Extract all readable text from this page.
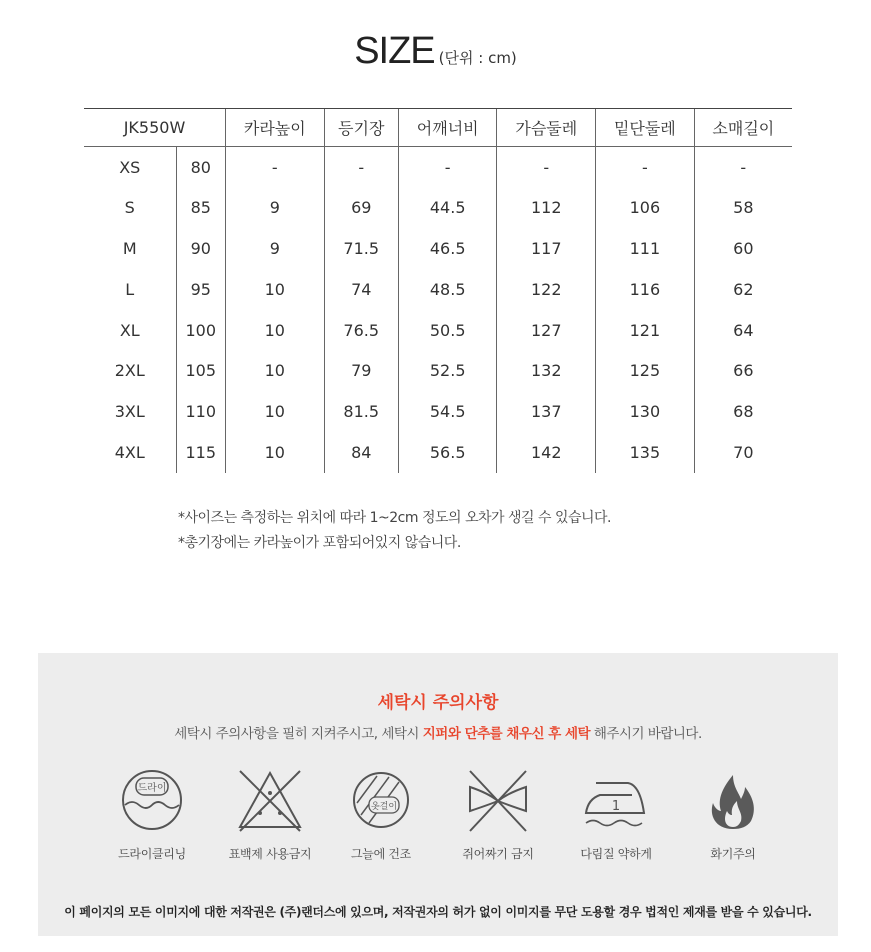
SIZE (단위 : cm)
JK550W		카라높이	등기장	어깨너비	가슴둘레	밑단둘레	소매길이
XS	80	-	-	-	-	-	-
S	85	9	69	44.5	112	106	58
M	90	9	71.5	46.5	117	111	60
L	95	10	74	48.5	122	116	62
XL	100	10	76.5	50.5	127	121	64
2XL	105	10	79	52.5	132	125	66
3XL	110	10	81.5	54.5	137	130	68
4XL	115	10	84	56.5	142	135	70
*사이즈는 측정하는 위치에 따라 1~2cm 정도의 오차가 생길 수 있습니다.
*총기장에는 카라높이가 포함되어있지 않습니다.
세탁시 주의사항
세탁시 주의사항을 필히 지켜주시고, 세탁시 지퍼와 단추를 채우신 후 세탁 해주시기 바랍니다.
드라이
드라이클리닝	표백제 사용금지
옷걸이
그늘에 건조	쥐어짜기 금지
1
다림질 약하게	화기주의
이 페이지의 모든 이미지에 대한 저작권은 (주)랜더스에 있으며, 저작권자의 허가 없이 이미지를 무단 도용할 경우 법적인 제재를 받을 수 있습니다.
